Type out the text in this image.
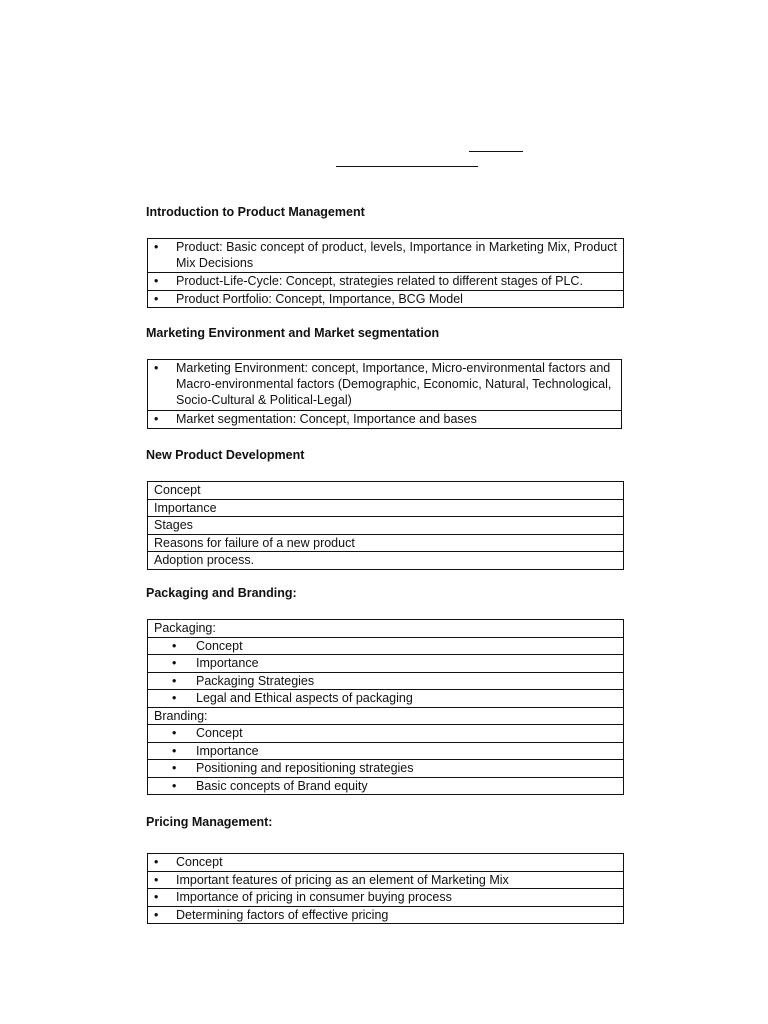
Introduction to Product Management
•	Product: Basic concept of product, levels, Importance in Marketing Mix, Product Mix Decisions

•	Product-Life-Cycle: Concept, strategies related to different stages of PLC.

•	Product Portfolio: Concept, Importance, BCG Model
Marketing Environment and Market segmentation
•	Marketing Environment: concept, Importance, Micro-environmental factors and Macro-environmental factors (Demographic, Economic, Natural, Technological, Socio-Cultural & Political-Legal)

•	Market segmentation: Concept, Importance and bases
New Product Development
Concept
Importance
Stages
Reasons for failure of a new product
Adoption process.
Packaging and Branding:
Packaging:
• Concept
• Importance
• Packaging Strategies
• Legal and Ethical aspects of packaging
Branding:
• Concept
• Importance
• Positioning and repositioning strategies
• Basic concepts of Brand equity
Pricing Management:
• Concept
• Important features of pricing as an element of Marketing Mix
• Importance of pricing in consumer buying process
• Determining factors of effective pricing
